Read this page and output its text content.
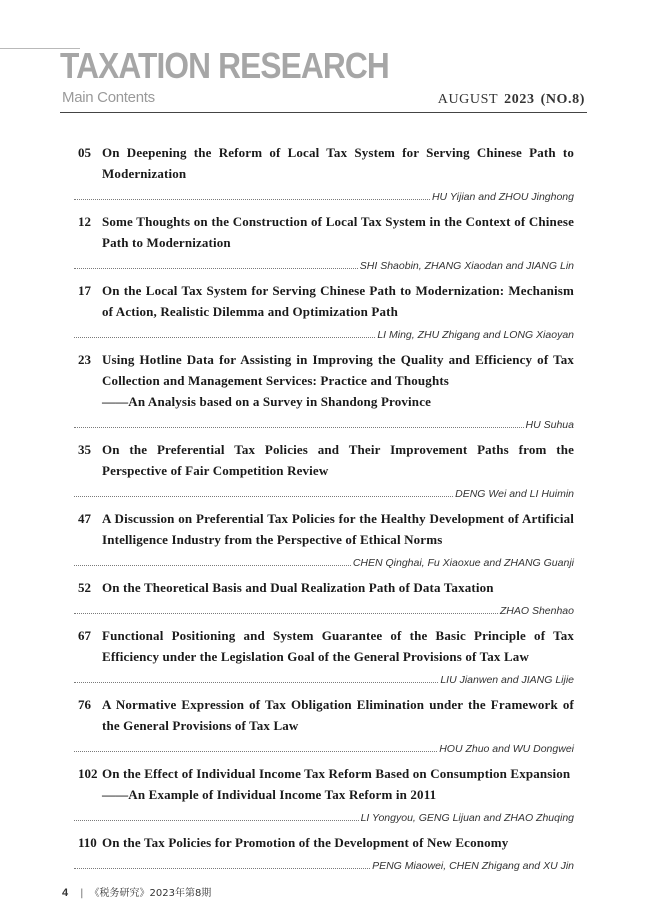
TAXATION RESEARCH
Main Contents	AUGUST 2023 (NO.8)
05 On Deepening the Reform of Local Tax System for Serving Chinese Path to Modernization
HU Yijian and ZHOU Jinghong
12 Some Thoughts on the Construction of Local Tax System in the Context of Chinese Path to Modernization
SHI Shaobin, ZHANG Xiaodan and JIANG Lin
17 On the Local Tax System for Serving Chinese Path to Modernization: Mechanism of Action, Realistic Dilemma and Optimization Path
LI Ming, ZHU Zhigang and LONG Xiaoyan
23 Using Hotline Data for Assisting in Improving the Quality and Efficiency of Tax Collection and Management Services: Practice and Thoughts
——An Analysis based on a Survey in Shandong Province
HU Suhua
35 On the Preferential Tax Policies and Their Improvement Paths from the Perspective of Fair Competition Review
DENG Wei and LI Huimin
47 A Discussion on Preferential Tax Policies for the Healthy Development of Artificial Intelligence Industry from the Perspective of Ethical Norms
CHEN Qinghai, Fu Xiaoxue and ZHANG Guanji
52 On the Theoretical Basis and Dual Realization Path of Data Taxation
ZHAO Shenhao
67 Functional Positioning and System Guarantee of the Basic Principle of Tax Efficiency under the Legislation Goal of the General Provisions of Tax Law
LIU Jianwen and JIANG Lijie
76 A Normative Expression of Tax Obligation Elimination under the Framework of the General Provisions of Tax Law
HOU Zhuo and WU Dongwei
102 On the Effect of Individual Income Tax Reform Based on Consumption Expansion
——An Example of Individual Income Tax Reform in 2011
LI Yongyou, GENG Lijuan and ZHAO Zhuqing
110 On the Tax Policies for Promotion of the Development of New Economy
PENG Miaowei, CHEN Zhigang and XU Jin
4 | 《税务研究》2023年第8期
